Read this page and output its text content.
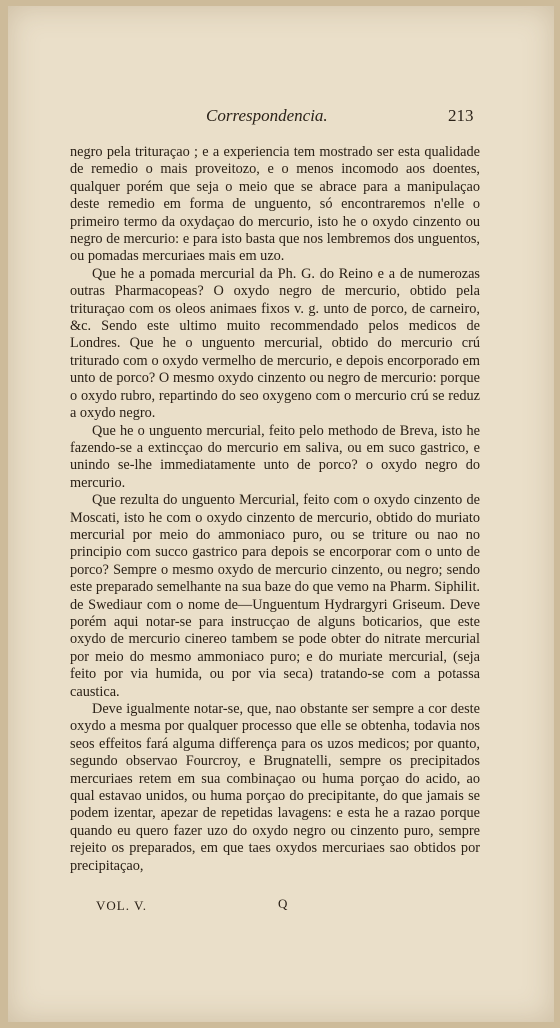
Correspondencia.	213

negro pela trituraçao ; e a experiencia tem mostrado ser esta qualidade de remedio o mais proveitozo, e o menos incomodo aos doentes, qualquer porém que seja o meio que se abrace para a manipulaçao deste remedio em forma de unguento, só encontraremos n'elle o primeiro termo da oxydaçao do mercurio, isto he o oxydo cinzento ou negro de mercurio: e para isto basta que nos lembremos dos unguentos, ou pomadas mercuriaes mais em uzo.

Que he a pomada mercurial da Ph. G. do Reino e a de numerozas outras Pharmacopeas? O oxydo negro de mercurio, obtido pela trituraçao com os oleos animaes fixos v. g. unto de porco, de carneiro, &c. Sendo este ultimo muito recommendado pelos medicos de Londres. Que he o unguento mercurial, obtido do mercurio crú triturado com o oxydo vermelho de mercurio, e depois encorporado em unto de porco? O mesmo oxydo cinzento ou negro de mercurio: porque o oxydo rubro, repartindo do seo oxygeno com o mercurio crú se reduz a oxydo negro.

Que he o unguento mercurial, feito pelo methodo de Breva, isto he fazendo-se a extincçao do mercurio em saliva, ou em suco gastrico, e unindo se-lhe immediatamente unto de porco? o oxydo negro do mercurio.

Que rezulta do unguento Mercurial, feito com o oxydo cinzento de Moscati, isto he com o oxydo cinzento de mercurio, obtido do muriato mercurial por meio do ammoniaco puro, ou se triture ou nao no principio com succo gastrico para depois se encorporar com o unto de porco? Sempre o mesmo oxydo de mercurio cinzento, ou negro; sendo este preparado semelhante na sua baze do que vemo na Pharm. Siphilit. de Swediaur com o nome de—Unguentum Hydrargyri Griseum. Deve porém aqui notar-se para instrucçao de alguns boticarios, que este oxydo de mercurio cinereo tambem se pode obter do nitrate mercurial por meio do mesmo ammoniaco puro; e do muriate mercurial, (seja feito por via humida, ou por via seca) tratando-se com a potassa caustica.

Deve igualmente notar-se, que, nao obstante ser sempre a cor deste oxydo a mesma por qualquer processo que elle se obtenha, todavia nos seos effeitos fará alguma differença para os uzos medicos; por quanto, segundo observao Fourcroy, e Brugnatelli, sempre os precipitados mercuriaes retem em sua combinaçao ou huma porçao do acido, ao qual estavao unidos, ou huma porçao do precipitante, do que jamais se podem izentar, apezar de repetidas lavagens: e esta he a razao porque quando eu quero fazer uzo do oxydo negro ou cinzento puro, sempre rejeito os preparados, em que taes oxydos mercuriaes sao obtidos por precipitaçao,

VOL. V.	Q
